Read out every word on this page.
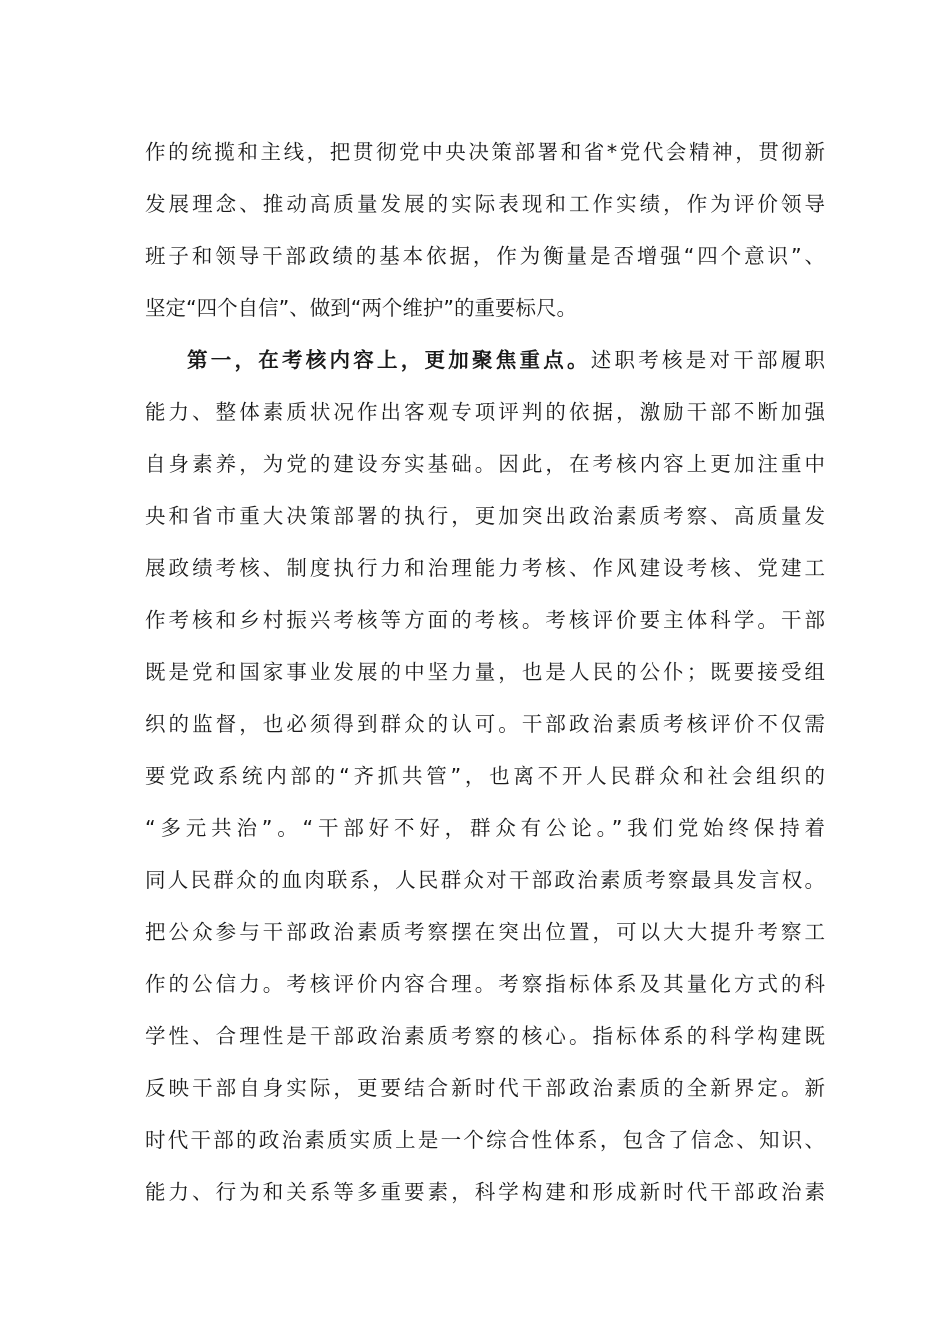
作的统揽和主线，把贯彻党中央决策部署和省*党代会精神，贯彻新
发展理念、推动高质量发展的实际表现和工作实绩，作为评价领导
班子和领导干部政绩的基本依据，作为衡量是否增强“四个意识”、
坚定“四个自信”、做到“两个维护”的重要标尺。
第一，在考核内容上，更加聚焦重点。述职考核是对干部履职
能力、整体素质状况作出客观专项评判的依据，激励干部不断加强
自身素养，为党的建设夯实基础。因此，在考核内容上更加注重中
央和省市重大决策部署的执行，更加突出政治素质考察、高质量发
展政绩考核、制度执行力和治理能力考核、作风建设考核、党建工
作考核和乡村振兴考核等方面的考核。考核评价要主体科学。干部
既是党和国家事业发展的中坚力量，也是人民的公仆；既要接受组
织的监督，也必须得到群众的认可。干部政治素质考核评价不仅需
要党政系统内部的“齐抓共管”，也离不开人民群众和社会组织的
“多元共治”。“干部好不好，群众有公论。”我们党始终保持着
同人民群众的血肉联系，人民群众对干部政治素质考察最具发言权。
把公众参与干部政治素质考察摆在突出位置，可以大大提升考察工
作的公信力。考核评价内容合理。考察指标体系及其量化方式的科
学性、合理性是干部政治素质考察的核心。指标体系的科学构建既
反映干部自身实际，更要结合新时代干部政治素质的全新界定。新
时代干部的政治素质实质上是一个综合性体系，包含了信念、知识、
能力、行为和关系等多重要素，科学构建和形成新时代干部政治素
